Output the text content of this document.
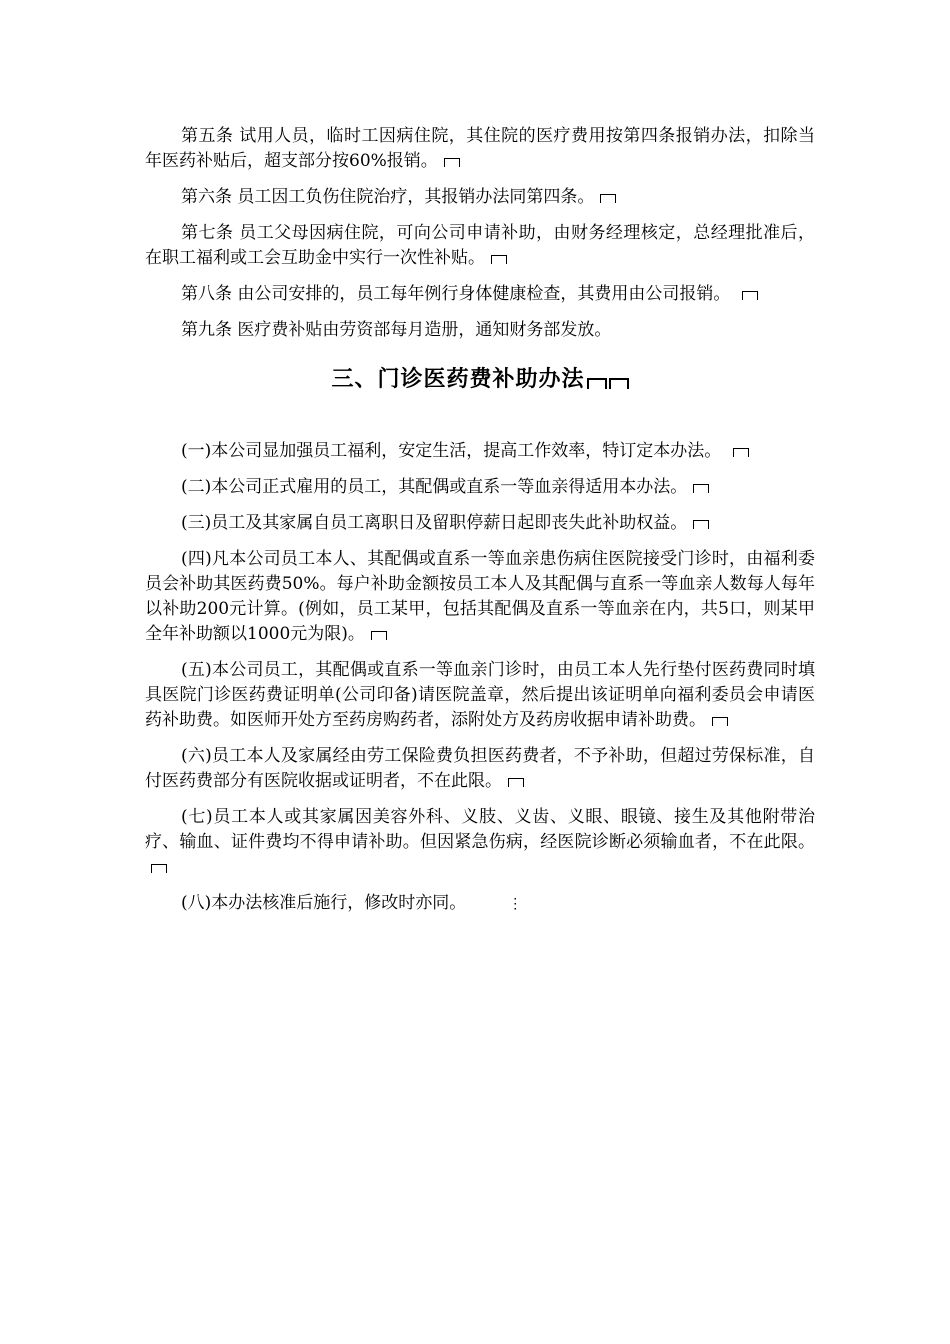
第五条 试用人员，临时工因病住院，其住院的医疗费用按第四条报销办法，扣除当年医药补贴后，超支部分按60%报销。

第六条 员工因工负伤住院治疗，其报销办法同第四条。

第七条 员工父母因病住院，可向公司申请补助，由财务经理核定，总经理批准后，在职工福利或工会互助金中实行一次性补贴。

第八条 由公司安排的，员工每年例行身体健康检查，其费用由公司报销。

第九条 医疗费补贴由劳资部每月造册，通知财务部发放。

三、门诊医药费补助办法

(一)本公司显加强员工福利，安定生活，提高工作效率，特订定本办法。

(二)本公司正式雇用的员工，其配偶或直系一等血亲得适用本办法。

(三)员工及其家属自员工离职日及留职停薪日起即丧失此补助权益。

(四)凡本公司员工本人、其配偶或直系一等血亲患伤病住医院接受门诊时，由福利委员会补助其医药费50%。每户补助金额按员工本人及其配偶与直系一等血亲人数每人每年以补助200元计算。(例如，员工某甲，包括其配偶及直系一等血亲在内，共5口，则某甲全年补助额以1000元为限)。

(五)本公司员工，其配偶或直系一等血亲门诊时，由员工本人先行垫付医药费同时填具医院门诊医药费证明单(公司印备)请医院盖章，然后提出该证明单向福利委员会申请医药补助费。如医师开处方至药房购药者，添附处方及药房收据申请补助费。

(六)员工本人及家属经由劳工保险费负担医药费者，不予补助，但超过劳保标准，自付医药费部分有医院收据或证明者，不在此限。

(七)员工本人或其家属因美容外科、义肢、义齿、义眼、眼镜、接生及其他附带治疗、输血、证件费均不得申请补助。但因紧急伤病，经医院诊断必须输血者，不在此限。

(八)本办法核准后施行，修改时亦同。	⋮
